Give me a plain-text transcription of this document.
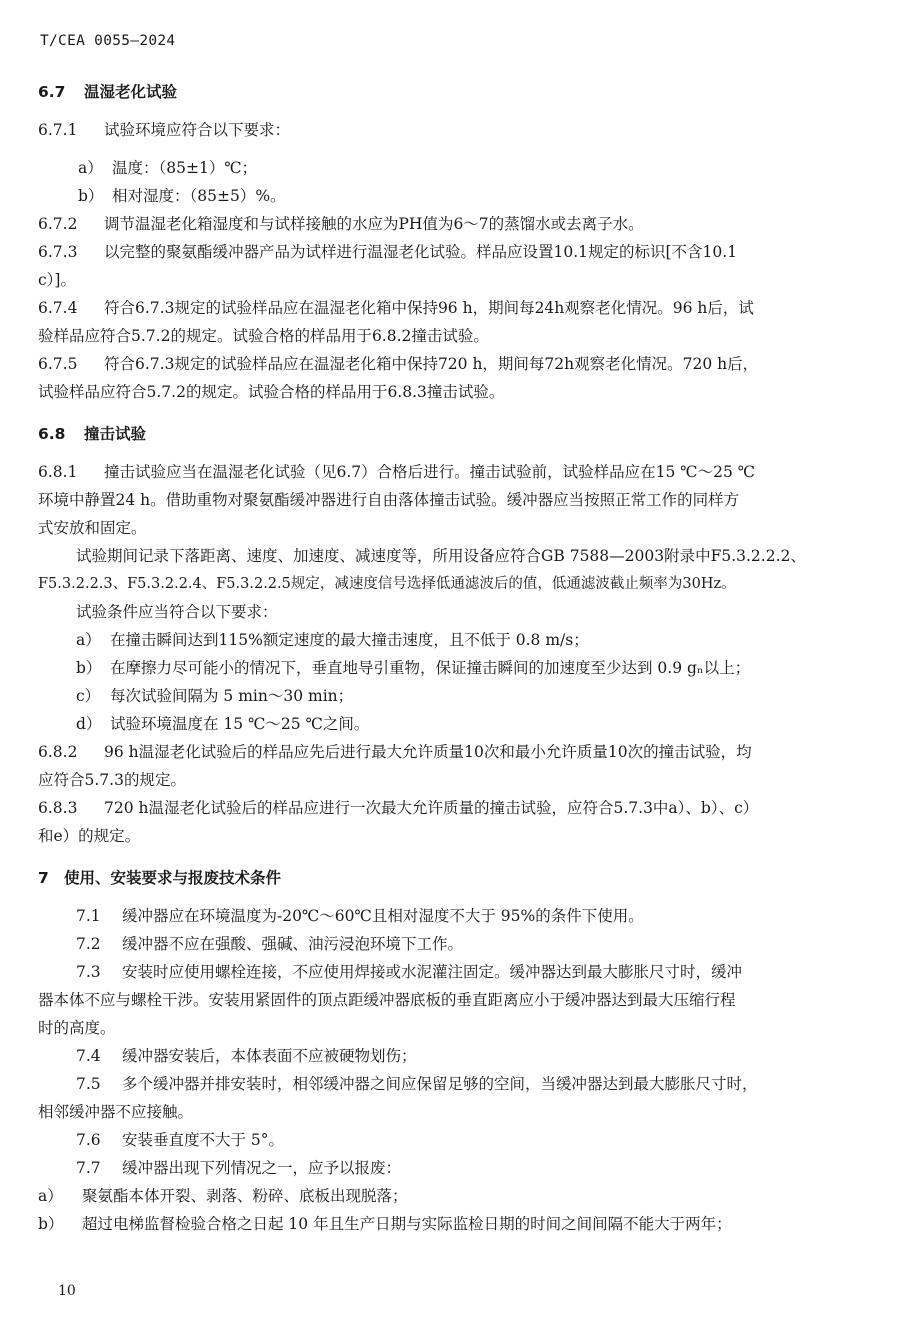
T/CEA 0055—2024

6.7 温湿老化试验

6.7.1 试验环境应符合以下要求：

a） 温度：（85±1）℃；

b） 相对湿度：（85±5）%。

6.7.2 调节温湿老化箱湿度和与试样接触的水应为PH值为6～7的蒸馏水或去离子水。

6.7.3 以完整的聚氨酯缓冲器产品为试样进行温湿老化试验。样品应设置10.1规定的标识[不含10.1

c）]。

6.7.4 符合6.7.3规定的试验样品应在温湿老化箱中保持96 h，期间每24h观察老化情况。96 h后，试

验样品应符合5.7.2的规定。试验合格的样品用于6.8.2撞击试验。

6.7.5 符合6.7.3规定的试验样品应在温湿老化箱中保持720 h，期间每72h观察老化情况。720 h后，

试验样品应符合5.7.2的规定。试验合格的样品用于6.8.3撞击试验。

6.8 撞击试验

6.8.1 撞击试验应当在温湿老化试验（见6.7）合格后进行。撞击试验前，试验样品应在15 ℃～25 ℃

环境中静置24 h。借助重物对聚氨酯缓冲器进行自由落体撞击试验。缓冲器应当按照正常工作的同样方

式安放和固定。

试验期间记录下落距离、速度、加速度、减速度等，所用设备应符合GB 7588—2003附录中F5.3.2.2.2、

F5.3.2.2.3、F5.3.2.2.4、F5.3.2.2.5规定，减速度信号选择低通滤波后的值，低通滤波截止频率为30Hz。

试验条件应当符合以下要求：

a） 在撞击瞬间达到115%额定速度的最大撞击速度，且不低于 0.8 m/s；

b） 在摩擦力尽可能小的情况下，垂直地导引重物，保证撞击瞬间的加速度至少达到 0.9 gₙ以上；

c） 每次试验间隔为 5 min～30 min；

d） 试验环境温度在 15 ℃～25 ℃之间。

6.8.2 96 h温湿老化试验后的样品应先后进行最大允许质量10次和最小允许质量10次的撞击试验，均

应符合5.7.3的规定。

6.8.3 720 h温湿老化试验后的样品应进行一次最大允许质量的撞击试验，应符合5.7.3中a）、b）、c）

和e）的规定。

7 使用、安装要求与报废技术条件

7.1 缓冲器应在环境温度为-20℃～60℃且相对湿度不大于 95%的条件下使用。

7.2 缓冲器不应在强酸、强碱、油污浸泡环境下工作。

7.3 安装时应使用螺栓连接，不应使用焊接或水泥灌注固定。缓冲器达到最大膨胀尺寸时，缓冲

器本体不应与螺栓干涉。安装用紧固件的顶点距缓冲器底板的垂直距离应小于缓冲器达到最大压缩行程

时的高度。

7.4 缓冲器安装后，本体表面不应被硬物划伤；

7.5 多个缓冲器并排安装时，相邻缓冲器之间应保留足够的空间，当缓冲器达到最大膨胀尺寸时，

相邻缓冲器不应接触。

7.6 安装垂直度不大于 5°。

7.7 缓冲器出现下列情况之一，应予以报废：

a） 聚氨酯本体开裂、剥落、粉碎、底板出现脱落；

b） 超过电梯监督检验合格之日起 10 年且生产日期与实际监检日期的时间之间间隔不能大于两年；

10
